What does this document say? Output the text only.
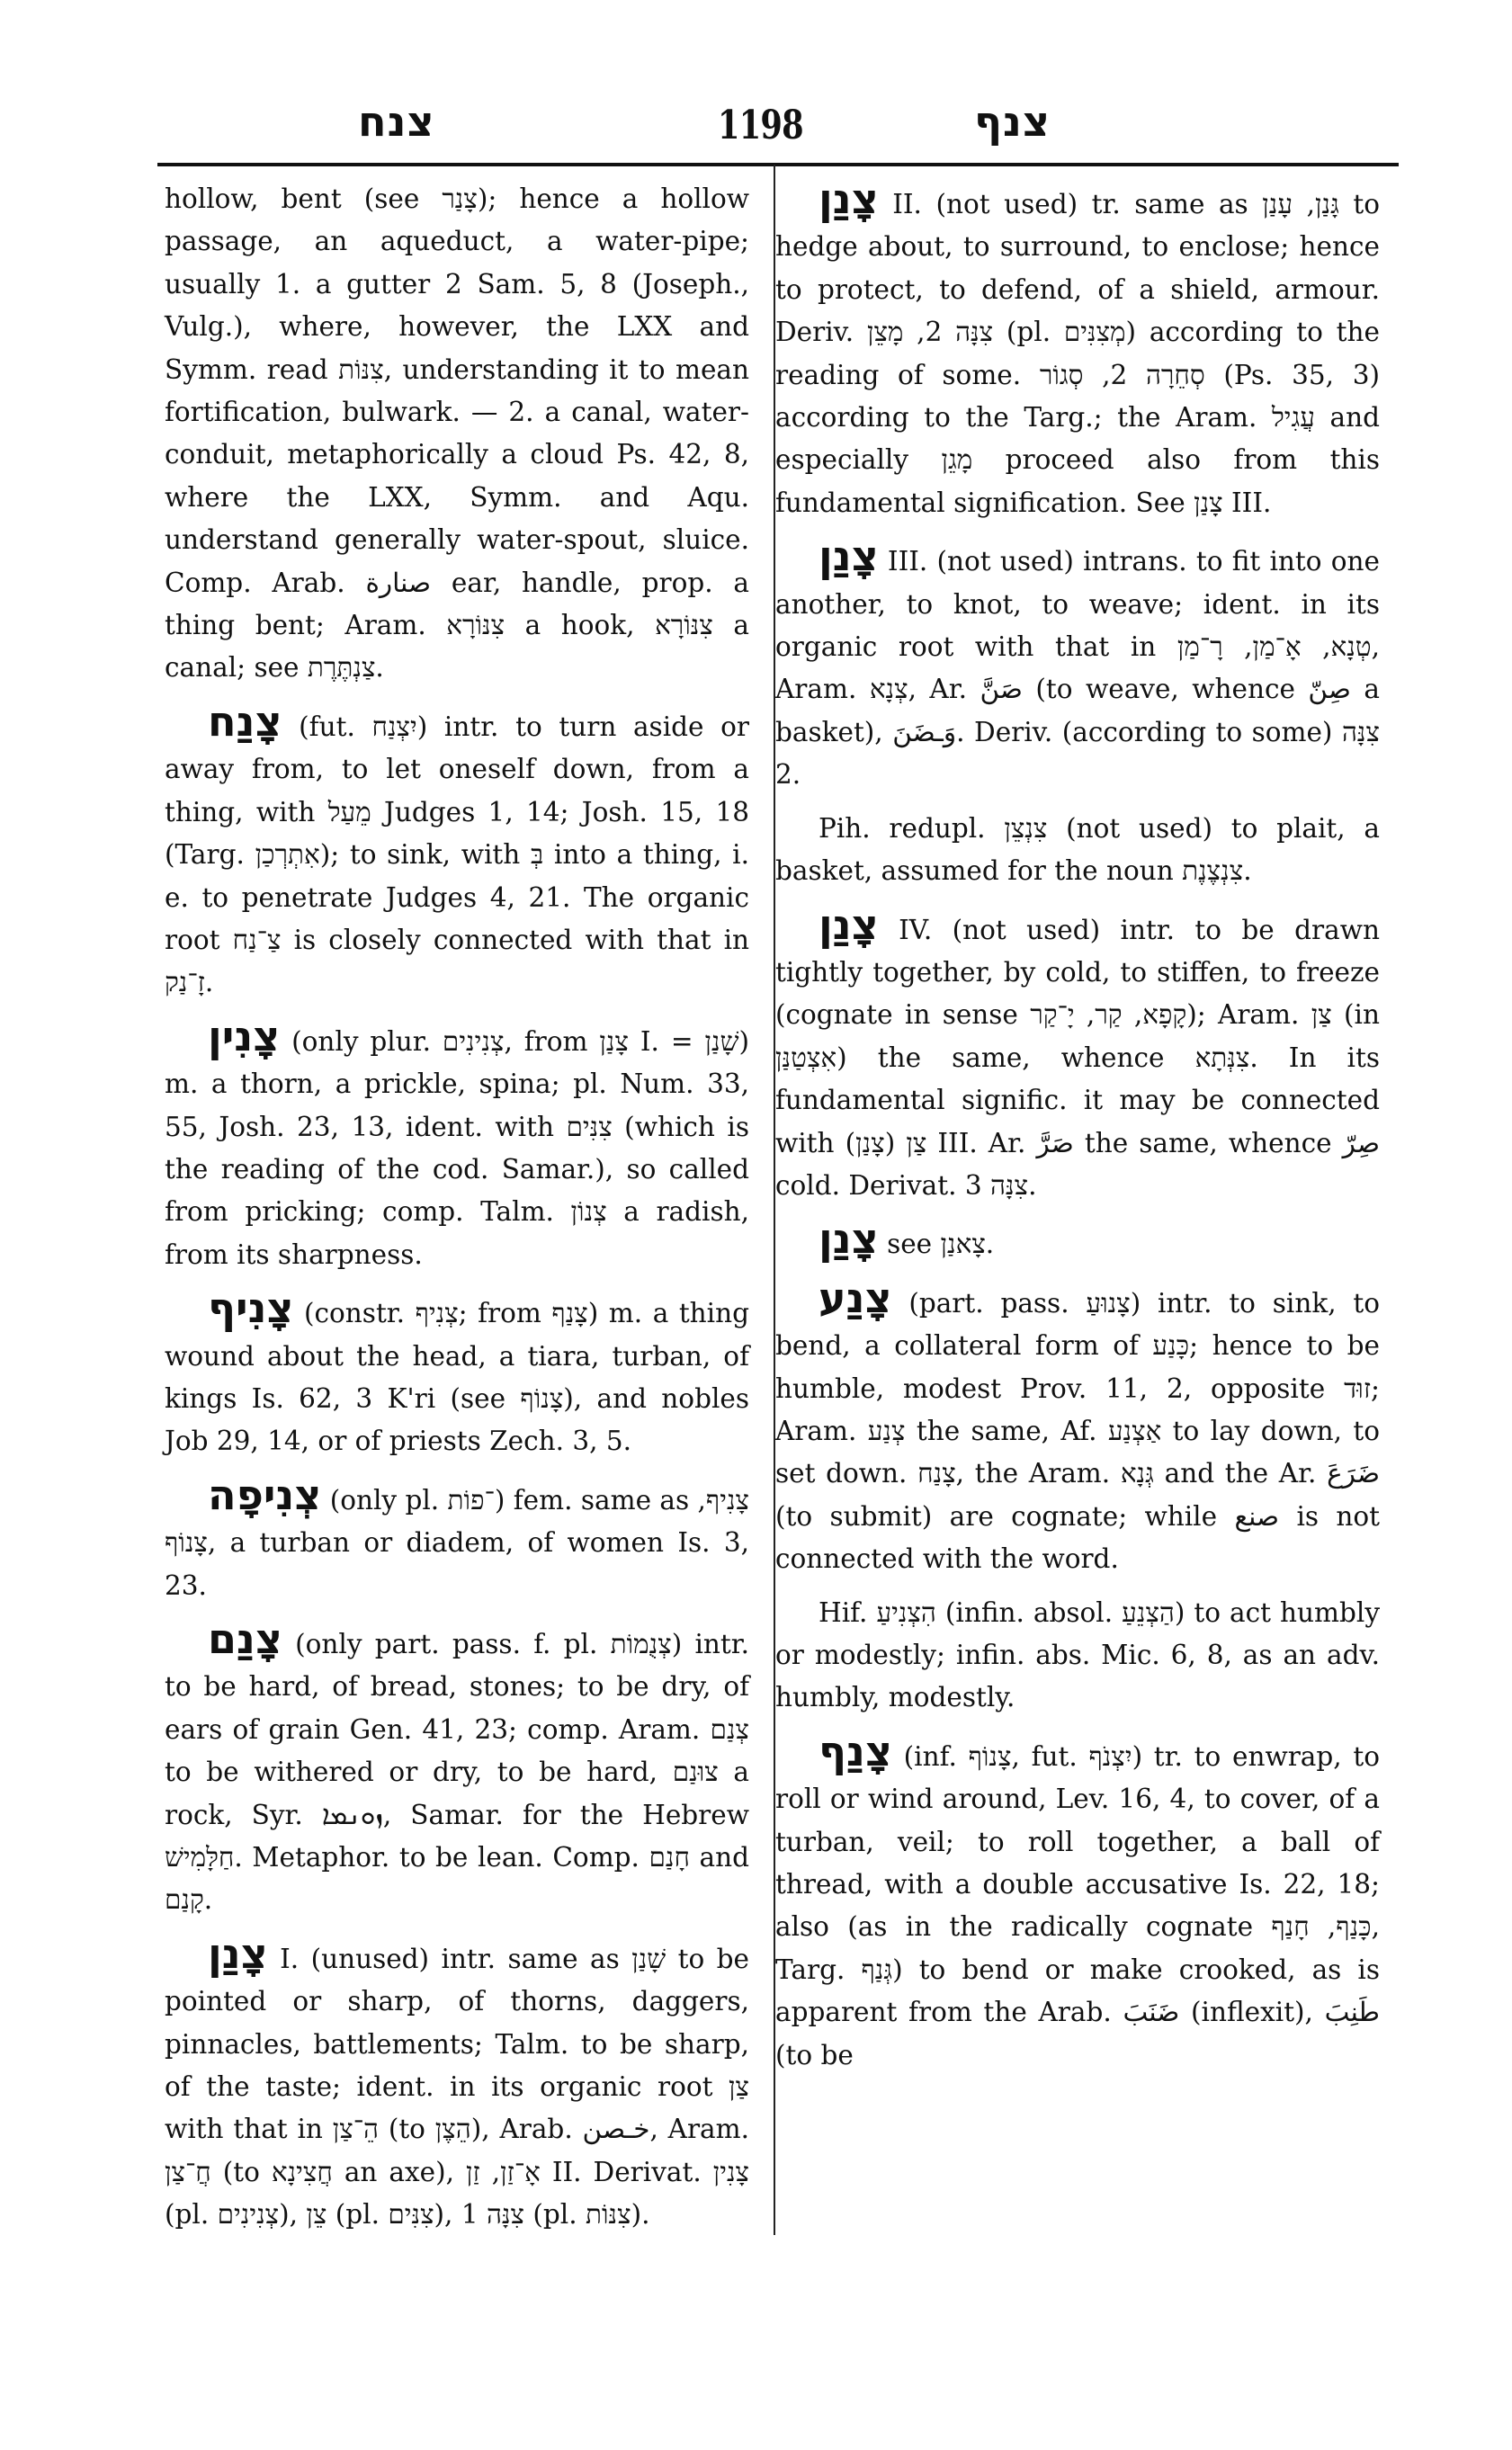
צנח	1198	צנף

hollow, bent (see צָנַר); hence a hollow passage, an aqueduct, a water-pipe; usually 1. a gutter 2 Sam. 5, 8 (Joseph., Vulg.), where, however, the LXX and Symm. read צִנּוֹת, understanding it to mean fortification, bulwark. — 2. a canal, water-conduit, metaphorically a cloud Ps. 42, 8, where the LXX, Symm. and Aqu. understand generally water-spout, sluice. Comp. Arab. صنارة ear, handle, prop. a thing bent; Aram. צִנּוֹרָא a hook, צִנּוֹרָא a canal; see צַנְתֶּרֶת.

צָנַח (fut. יִצְנַח) intr. to turn aside or away from, to let oneself down, from a thing, with מֵעַל Judges 1, 14; Josh. 15, 18 (Targ. אִתְרְכַן); to sink, with בְּ into a thing, i. e. to penetrate Judges 4, 21. The organic root צַ־נַח is closely connected with that in זָ־נַק.

צָנִין (only plur. צְנִינִים, from צָנַן I. = שָׁנַן) m. a thorn, a prickle, spina; pl. Num. 33, 55, Josh. 23, 13, ident. with צִנִּים (which is the reading of the cod. Samar.), so called from pricking; comp. Talm. צְנוֹן a radish, from its sharpness.

צָנִיף (constr. צְנִיף; from צָנַף) m. a thing wound about the head, a tiara, turban, of kings Is. 62, 3 K'ri (see צָנוֹף), and nobles Job 29, 14, or of priests Zech. 3, 5.

צְנִיפָה (only pl. ־פוֹת) fem. same as צָנִיף, צָנוֹף, a turban or diadem, of women Is. 3, 23.

צָנַם (only part. pass. f. pl. צְנֻמוֹת) intr. to be hard, of bread, stones; to be dry, of ears of grain Gen. 41, 23; comp. Aram. צְנַם to be withered or dry, to be hard, צוּנַם a rock, Syr. ܙܘܢܡܐ, Samar. for the Hebrew חַלָּמִישׁ. Metaphor. to be lean. Comp. חָנַם and קָנַם.

צָנַן I. (unused) intr. same as שָׁנַן to be pointed or sharp, of thorns, daggers, pinnacles, battlements; Talm. to be sharp, of the taste; ident. in its organic root צַן with that in הֵ־צַן (to הֵצֶן), Arab. خـصن, Aram. חֲ־צַן (to חֲצִינָא an axe), אָ־זַן, זַן II. Derivat. צָנִין (pl. צְנִינִים), צֵן (pl. צִנִּים), צִנָּה 1 (pl. צִנּוֹת).

צָנַן II. (not used) tr. same as גָּנַן, עָנַן to hedge about, to surround, to enclose; hence to protect, to defend, of a shield, armour. Deriv. צִנָּה 2, מָצֵן (pl. מְצִנִּים) according to the reading of some. סְחֵרָה 2, סְגוֹר (Ps. 35, 3) according to the Targ.; the Aram. עֲגִיל and especially מָגֵן proceed also from this fundamental signification. See צָנַן III.

צָנַן III. (not used) intrans. to fit into one another, to knot, to weave; ident. in its organic root with that in טְנָא, אָ־מַן, רָ־מַן, Aram. צְנָא, Ar. صَنَّ (to weave, whence صِنّ a basket), وَـضَنَ. Deriv. (according to some) צִנָּה 2.

Pih. redupl. צִנְצֵן (not used) to plait, a basket, assumed for the noun צִנְצֶנֶת.

צָנַן IV. (not used) intr. to be drawn tightly together, by cold, to stiffen, to freeze (cognate in sense קָפָא, קַר, יָ־קַר); Aram. צַן (in אִצְטַנַּן) the same, whence צִנְּתָא. In its fundamental signific. it may be connected with צַן (צָנַן) III. Ar. صَرَّ the same, whence صِرّ cold. Derivat. צִנָּה 3.

צָנַן see צָאנַן.

צָנַע (part. pass. צָנוּעַ) intr. to sink, to bend, a collateral form of כָּנַע; hence to be humble, modest Prov. 11, 2, opposite זוּד; Aram. צְנַע the same, Af. אַצְנַע to lay down, to set down. צָנַח, the Aram. גְּנָא and the Ar. ضَرَعَ (to submit) are cognate; while صنع is not connected with the word.

Hif. הִצְנִיעַ (infin. absol. הַצְנֵעַ) to act humbly or modestly; infin. abs. Mic. 6, 8, as an adv. humbly, modestly.

צָנַף (inf. צָנוֹף, fut. יִצְנֹף) tr. to enwrap, to roll or wind around, Lev. 16, 4, to cover, of a turban, veil; to roll together, a ball of thread, with a double accusative Is. 22, 18; also (as in the radically cognate כָּנַף, חָנַף, Targ. גְּנַף) to bend or make crooked, as is apparent from the Arab. ضَنَبَ (inflexit), طَنِبَ (to be
